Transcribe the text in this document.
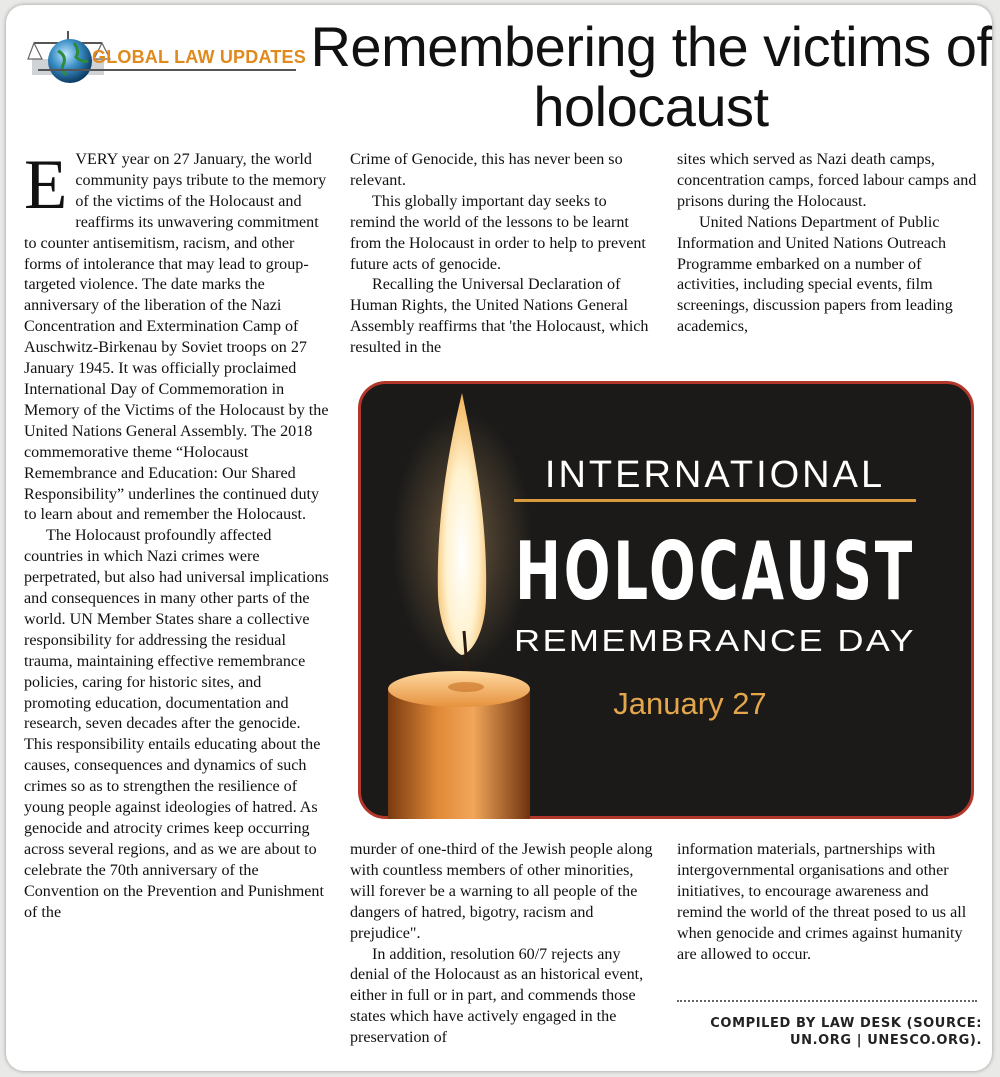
GLOBAL LAW UPDATES Remembering the victims of holocaust

EVERY year on 27 January, the world community pays tribute to the memory of the victims of the Holocaust and reaffirms its unwavering commitment to counter antisemitism, racism, and other forms of intolerance that may lead to group-targeted violence. The date marks the anniversary of the liberation of the Nazi Concentration and Extermination Camp of Auschwitz-Birkenau by Soviet troops on 27 January 1945. It was officially proclaimed International Day of Commemoration in Memory of the Victims of the Holocaust by the United Nations General Assembly. The 2018 commemorative theme “Holocaust Remembrance and Education: Our Shared Responsibility” underlines the continued duty to learn about and remember the Holocaust.

The Holocaust profoundly affected countries in which Nazi crimes were perpetrated, but also had universal implications and consequences in many other parts of the world. UN Member States share a collective responsibility for addressing the residual trauma, maintaining effective remembrance policies, caring for historic sites, and promoting education, documentation and research, seven decades after the genocide. This responsibility entails educating about the causes, consequences and dynamics of such crimes so as to strengthen the resilience of young people against ideologies of hatred. As genocide and atrocity crimes keep occurring across several regions, and as we are about to celebrate the 70th anniversary of the Convention on the Prevention and Punishment of the

Crime of Genocide, this has never been so relevant.

This globally important day seeks to remind the world of the lessons to be learnt from the Holocaust in order to help to prevent future acts of genocide.

Recalling the Universal Declaration of Human Rights, the United Nations General Assembly reaffirms that 'the Holocaust, which resulted in the

sites which served as Nazi death camps, concentration camps, forced labour camps and prisons during the Holocaust.

United Nations Department of Public Information and United Nations Outreach Programme embarked on a number of activities, including special events, film screenings, discussion papers from leading academics,

INTERNATIONAL
HOLOCAUST
REMEMBRANCE DAY
January 27

murder of one-third of the Jewish people along with countless members of other minorities, will forever be a warning to all people of the dangers of hatred, bigotry, racism and prejudice".

In addition, resolution 60/7 rejects any denial of the Holocaust as an historical event, either in full or in part, and commends those states which have actively engaged in the preservation of

information materials, partnerships with intergovernmental organisations and other initiatives, to encourage awareness and remind the world of the threat posed to us all when genocide and crimes against humanity are allowed to occur.

COMPILED BY LAW DESK (SOURCE:
UN.ORG | UNESCO.ORG).
